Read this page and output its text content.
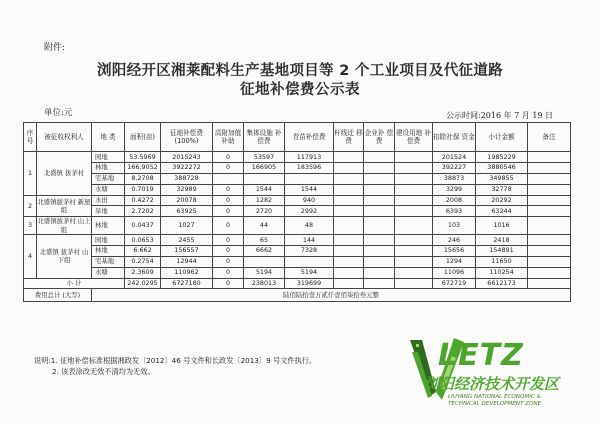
附件:
浏阳经开区湘莱配料生产基地项目等 2 个工业项目及代征道路
征地补偿费公示表
单位:元	公示时间:2016 年 7 月 19 日
序号	被征收权利人	地 类	面积(亩)	征地补偿费 (100%)	高附加值 补助	集体设施 补偿费	青苗补偿费	杆线迁 移费	企业补 偿费	建设用地 补偿费	扣除社保 资金	小计金额	备注
1	北盛镇 拔茅村	园地	53.5969	2015243	0	53597	117913				201524	1985229	
		林地	166.9052	3922272	0	166905	183596				392227	3880546	
		宅基地	8.2708	388728							38873	349855	
		水塘	0.7019	32989	0	1544	1544				3299	32778	
2	北盛镇拔茅村 新屋组	水田	0.4272	20078	0	1282	940				2008	20292	
		旱地	2.7202	63925	0	2720	2992				6393	63244	
3	北盛镇拔茅村 山上组	林地	0.0437	1027	0	44	48				103	1016	
4	北盛镇 拔茅村 山下组	园地	0.0653	2455	0	65	144				246	2418	
		林地	6.662	156557	0	6662	7328				15656	154891	
		宅基地	0.2754	12944	0						1294	11650	
		水塘	2.3609	110962	0	5194	5194				11096	110254	
小 计			242.0295	6727180	0	238013	319699				672719	6612173	
费用总计 (大写)		陆佰陆拾壹万贰仟壹佰柒拾叁元整											
说明:1. 征地补偿标准根据湘政发〔2012〕46 号文件和长政发〔2013〕9 号文件执行。
2. 该表涂改无效不清均为无效。	LETZ
浏阳经济技术开发区
LIUYANG NATIONAL ECONOMIC &
TECHNICAL DEVELOPMENT ZONE
